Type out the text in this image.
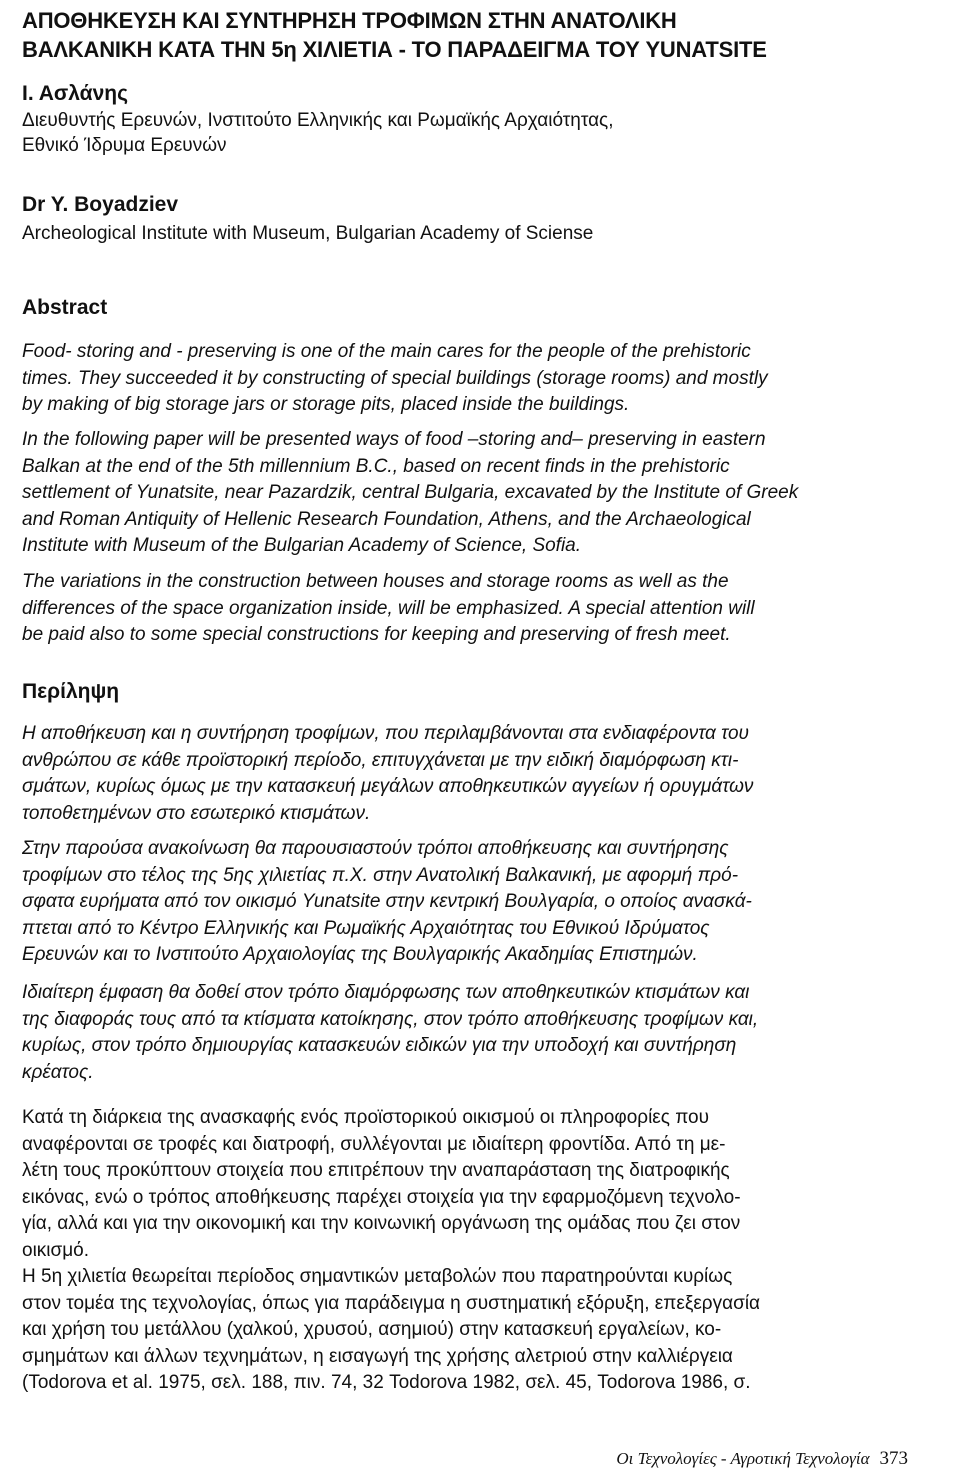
ΑΠΟΘΗΚΕΥΣΗ ΚΑΙ ΣΥΝΤΗΡΗΣΗ ΤΡΟΦΙΜΩΝ ΣΤΗΝ ΑΝΑΤΟΛΙΚΗ
ΒΑΛΚΑΝΙΚΗ ΚΑΤΑ ΤΗΝ 5η ΧΙΛΙΕΤΙΑ - ΤΟ ΠΑΡΑΔΕΙΓΜΑ ΤΟΥ YUNATSITE
Ι. Ασλάνης
Διευθυντής Ερευνών, Ινστιτούτο Ελληνικής και Ρωμαϊκής Αρχαιότητας,
Εθνικό Ίδρυμα Ερευνών
Dr Y. Boyadziev
Archeological Institute with Museum, Bulgarian Academy of Sciense
Abstract
Food- storing and - preserving is one of the main cares for the people of the prehistoric
times. They succeeded it by constructing of special buildings (storage rooms) and mostly
by making of big storage jars or storage pits, placed inside the buildings.
In the following paper will be presented ways of food –storing and– preserving in eastern
Balkan at the end of the 5th millennium B.C., based on recent finds in the prehistoric
settlement of Yunatsite, near Pazardzik, central Bulgaria, excavated by the Institute of Greek
and Roman Antiquity of Hellenic Research Foundation, Athens, and the Archaeological
Institute with Museum of the Bulgarian Academy of Science, Sofia.
The variations in the construction between houses and storage rooms as well as the
differences of the space organization inside, will be emphasized. A special attention will
be paid also to some special constructions for keeping and preserving of fresh meet.
Περίληψη
Η αποθήκευση και η συντήρηση τροφίμων, που περιλαμβάνονται στα ενδιαφέροντα του
ανθρώπου σε κάθε προϊστορική περίοδο, επιτυγχάνεται με την ειδική διαμόρφωση κτι-
σμάτων, κυρίως όμως με την κατασκευή μεγάλων αποθηκευτικών αγγείων ή ορυγμάτων
τοποθετημένων στο εσωτερικό κτισμάτων.
Στην παρούσα ανακοίνωση θα παρουσιαστούν τρόποι αποθήκευσης και συντήρησης
τροφίμων στο τέλος της 5ης χιλιετίας π.Χ. στην Ανατολική Βαλκανική, με αφορμή πρό-
σφατα ευρήματα από τον οικισμό Yunatsite στην κεντρική Βουλγαρία, ο οποίος ανασκά-
πτεται από το Κέντρο Ελληνικής και Ρωμαϊκής Αρχαιότητας του Εθνικού Ιδρύματος
Ερευνών και το Ινστιτούτο Αρχαιολογίας της Βουλγαρικής Ακαδημίας Επιστημών.
Ιδιαίτερη έμφαση θα δοθεί στον τρόπο διαμόρφωσης των αποθηκευτικών κτισμάτων και
της διαφοράς τους από τα κτίσματα κατοίκησης, στον τρόπο αποθήκευσης τροφίμων και,
κυρίως, στον τρόπο δημιουργίας κατασκευών ειδικών για την υποδοχή και συντήρηση
κρέατος.
Κατά τη διάρκεια της ανασκαφής ενός προϊστορικού οικισμού οι πληροφορίες που
αναφέρονται σε τροφές και διατροφή, συλλέγονται με ιδιαίτερη φροντίδα. Από τη με-
λέτη τους προκύπτουν στοιχεία που επιτρέπουν την αναπαράσταση της διατροφικής
εικόνας, ενώ ο τρόπος αποθήκευσης παρέχει στοιχεία για την εφαρμοζόμενη τεχνολο-
γία, αλλά και για την οικονομική και την κοινωνική οργάνωση της ομάδας που ζει στον
οικισμό.
Η 5η χιλιετία θεωρείται περίοδος σημαντικών μεταβολών που παρατηρούνται κυρίως
στον τομέα της τεχνολογίας, όπως για παράδειγμα η συστηματική εξόρυξη, επεξεργασία
και χρήση του μετάλλου (χαλκού, χρυσού, ασημιού) στην κατασκευή εργαλείων, κο-
σμημάτων και άλλων τεχνημάτων, η εισαγωγή της χρήσης αλετριού στην καλλιέργεια
(Todorova et al. 1975, σελ. 188, πιν. 74, 32 Todorova 1982, σελ. 45, Todorova 1986, σ.
Οι Τεχνολογίες - Αγροτική Τεχνολογία 373
